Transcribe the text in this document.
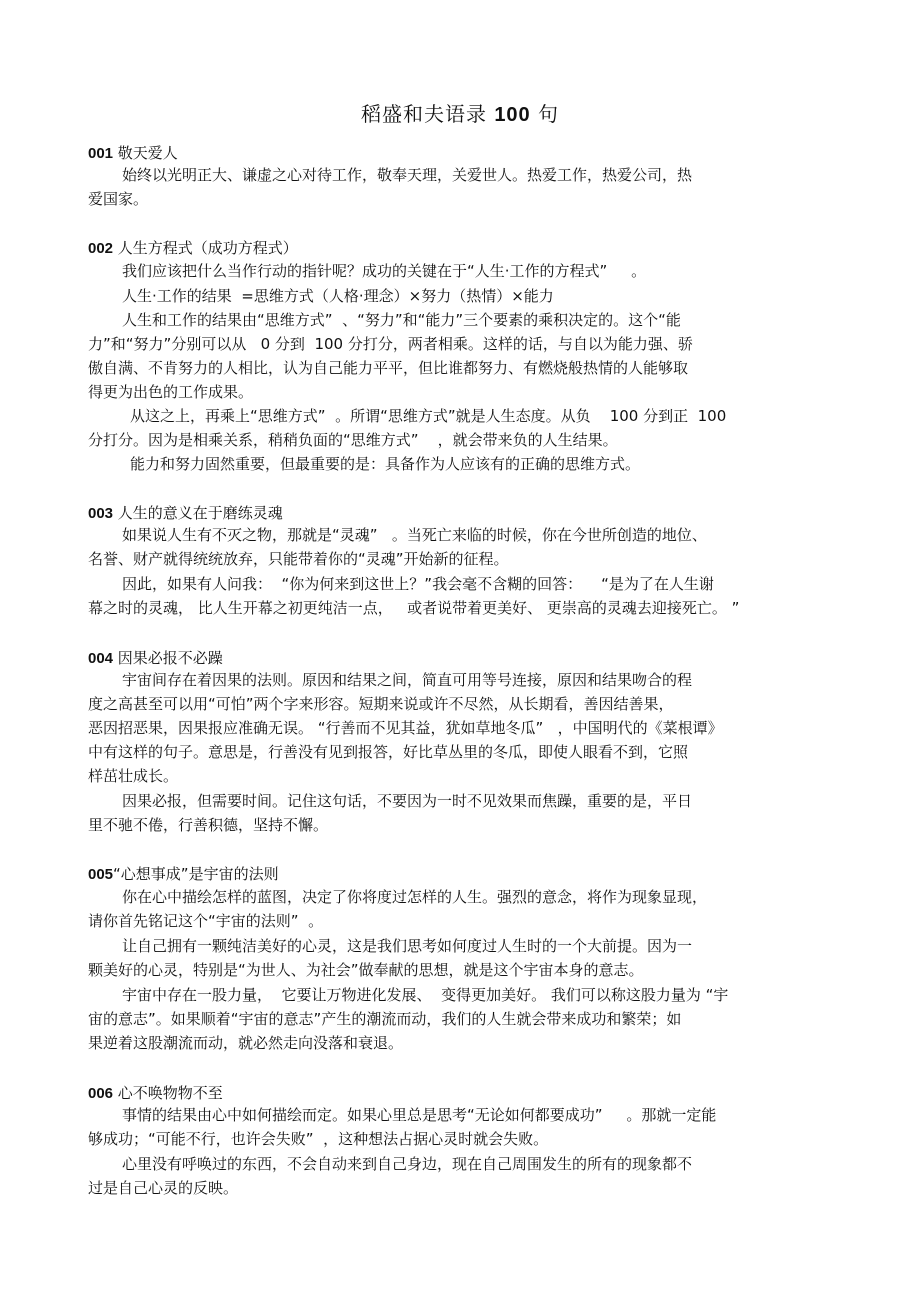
稻盛和夫语录 100 句
001 敬天爱人
始终以光明正大、谦虚之心对待工作，敬奉天理，关爱世人。热爱工作，热爱公司，热
爱国家。
002 人生方程式（成功方程式）
我们应该把什么当作行动的指针呢？成功的关键在于“人生·工作的方程式”     。
人生·工作的结果  =思维方式（人格·理念）×努力（热情）×能力
人生和工作的结果由“思维方式”  、“努力”和“能力”三个要素的乘积决定的。这个“能
力”和“努力”分别可以从   0 分到  100 分打分，两者相乘。这样的话，与自以为能力强、骄
傲自满、不肯努力的人相比，认为自己能力平平，但比谁都努力、有燃烧般热情的人能够取
得更为出色的工作成果。
从这之上，再乘上“思维方式”  。所谓“思维方式”就是人生态度。从负    100 分到正  100
分打分。因为是相乘关系，稍稍负面的“思维方式”    ，就会带来负的人生结果。
能力和努力固然重要，但最重要的是：具备作为人应该有的正确的思维方式。
003 人生的意义在于磨练灵魂
如果说人生有不灭之物，那就是“灵魂”   。当死亡来临的时候，你在今世所创造的地位、
名誉、财产就得统统放弃，只能带着你的“灵魂”开始新的征程。
因此，如果有人问我：  “你为何来到这世上？”我会毫不含糊的回答：    “是为了在人生谢
幕之时的灵魂， 比人生开幕之初更纯洁一点，   或者说带着更美好、 更崇高的灵魂去迎接死亡。 ”
004 因果必报不必躁
宇宙间存在着因果的法则。原因和结果之间，简直可用等号连接，原因和结果吻合的程
度之高甚至可以用“可怕”两个字来形容。短期来说或许不尽然，从长期看，善因结善果，
恶因招恶果，因果报应准确无误。 “行善而不见其益，犹如草地冬瓜”   ，中国明代的《菜根谭》
中有这样的句子。意思是，行善没有见到报答，好比草丛里的冬瓜，即使人眼看不到，它照
样茁壮成长。
因果必报，但需要时间。记住这句话，不要因为一时不见效果而焦躁，重要的是，平日
里不驰不倦，行善积德，坚持不懈。
005“心想事成”是宇宙的法则
你在心中描绘怎样的蓝图，决定了你将度过怎样的人生。强烈的意念，将作为现象显现，
请你首先铭记这个“宇宙的法则”  。
让自己拥有一颗纯洁美好的心灵，这是我们思考如何度过人生时的一个大前提。因为一
颗美好的心灵，特别是“为世人、为社会”做奉献的思想，就是这个宇宙本身的意志。
宇宙中存在一股力量，  它要让万物进化发展、  变得更加美好。 我们可以称这股力量为 “宇
宙的意志”。如果顺着“宇宙的意志”产生的潮流而动，我们的人生就会带来成功和繁荣；如
果逆着这股潮流而动，就必然走向没落和衰退。
006 心不唤物物不至
事情的结果由心中如何描绘而定。如果心里总是思考“无论如何都要成功”     。那就一定能
够成功；“可能不行，也许会失败”  ，这种想法占据心灵时就会失败。
心里没有呼唤过的东西，不会自动来到自己身边，现在自己周围发生的所有的现象都不
过是自己心灵的反映。
